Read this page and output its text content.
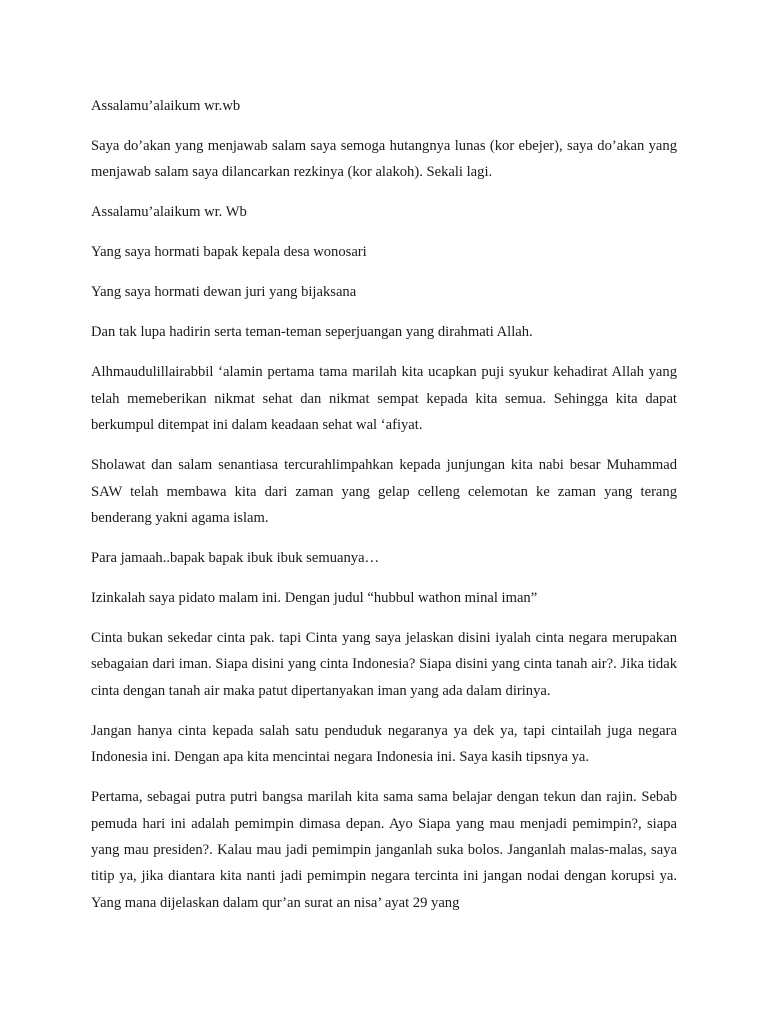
Assalamu’alaikum wr.wb

Saya do’akan yang menjawab salam saya semoga hutangnya lunas (kor ebejer), saya do’akan yang menjawab salam saya dilancarkan rezkinya (kor alakoh). Sekali lagi.

Assalamu’alaikum wr. Wb

Yang saya hormati bapak kepala desa wonosari

Yang saya hormati dewan juri yang bijaksana

Dan tak lupa hadirin serta teman-teman seperjuangan yang dirahmati Allah.

Alhmaudulillairabbil ‘alamin pertama tama marilah kita ucapkan puji syukur kehadirat Allah yang telah memeberikan nikmat sehat dan nikmat sempat kepada kita semua. Sehingga kita dapat berkumpul ditempat ini dalam keadaan sehat wal ‘afiyat.

Sholawat dan salam senantiasa tercurahlimpahkan kepada junjungan kita nabi besar Muhammad SAW telah membawa kita dari zaman yang gelap celleng celemotan ke zaman yang terang benderang yakni agama islam.

Para jamaah..bapak bapak ibuk ibuk semuanya…

Izinkalah saya pidato malam ini. Dengan judul “hubbul wathon minal iman”

Cinta bukan sekedar cinta pak. tapi Cinta yang saya jelaskan disini iyalah cinta negara merupakan sebagaian dari iman. Siapa disini yang cinta Indonesia? Siapa disini yang cinta tanah air?. Jika tidak cinta dengan tanah air maka patut dipertanyakan iman yang ada dalam dirinya.

Jangan hanya cinta kepada salah satu penduduk negaranya ya dek ya, tapi cintailah juga negara Indonesia ini. Dengan apa kita mencintai negara Indonesia ini. Saya kasih tipsnya ya.

Pertama, sebagai putra putri bangsa marilah kita sama sama belajar dengan tekun dan rajin. Sebab pemuda hari ini adalah pemimpin dimasa depan. Ayo Siapa yang mau menjadi pemimpin?, siapa yang mau presiden?. Kalau mau jadi pemimpin janganlah suka bolos. Janganlah malas-malas, saya titip ya, jika diantara kita nanti jadi pemimpin negara tercinta ini jangan nodai dengan korupsi ya. Yang mana dijelaskan dalam qur’an surat an nisa’ ayat 29 yang
